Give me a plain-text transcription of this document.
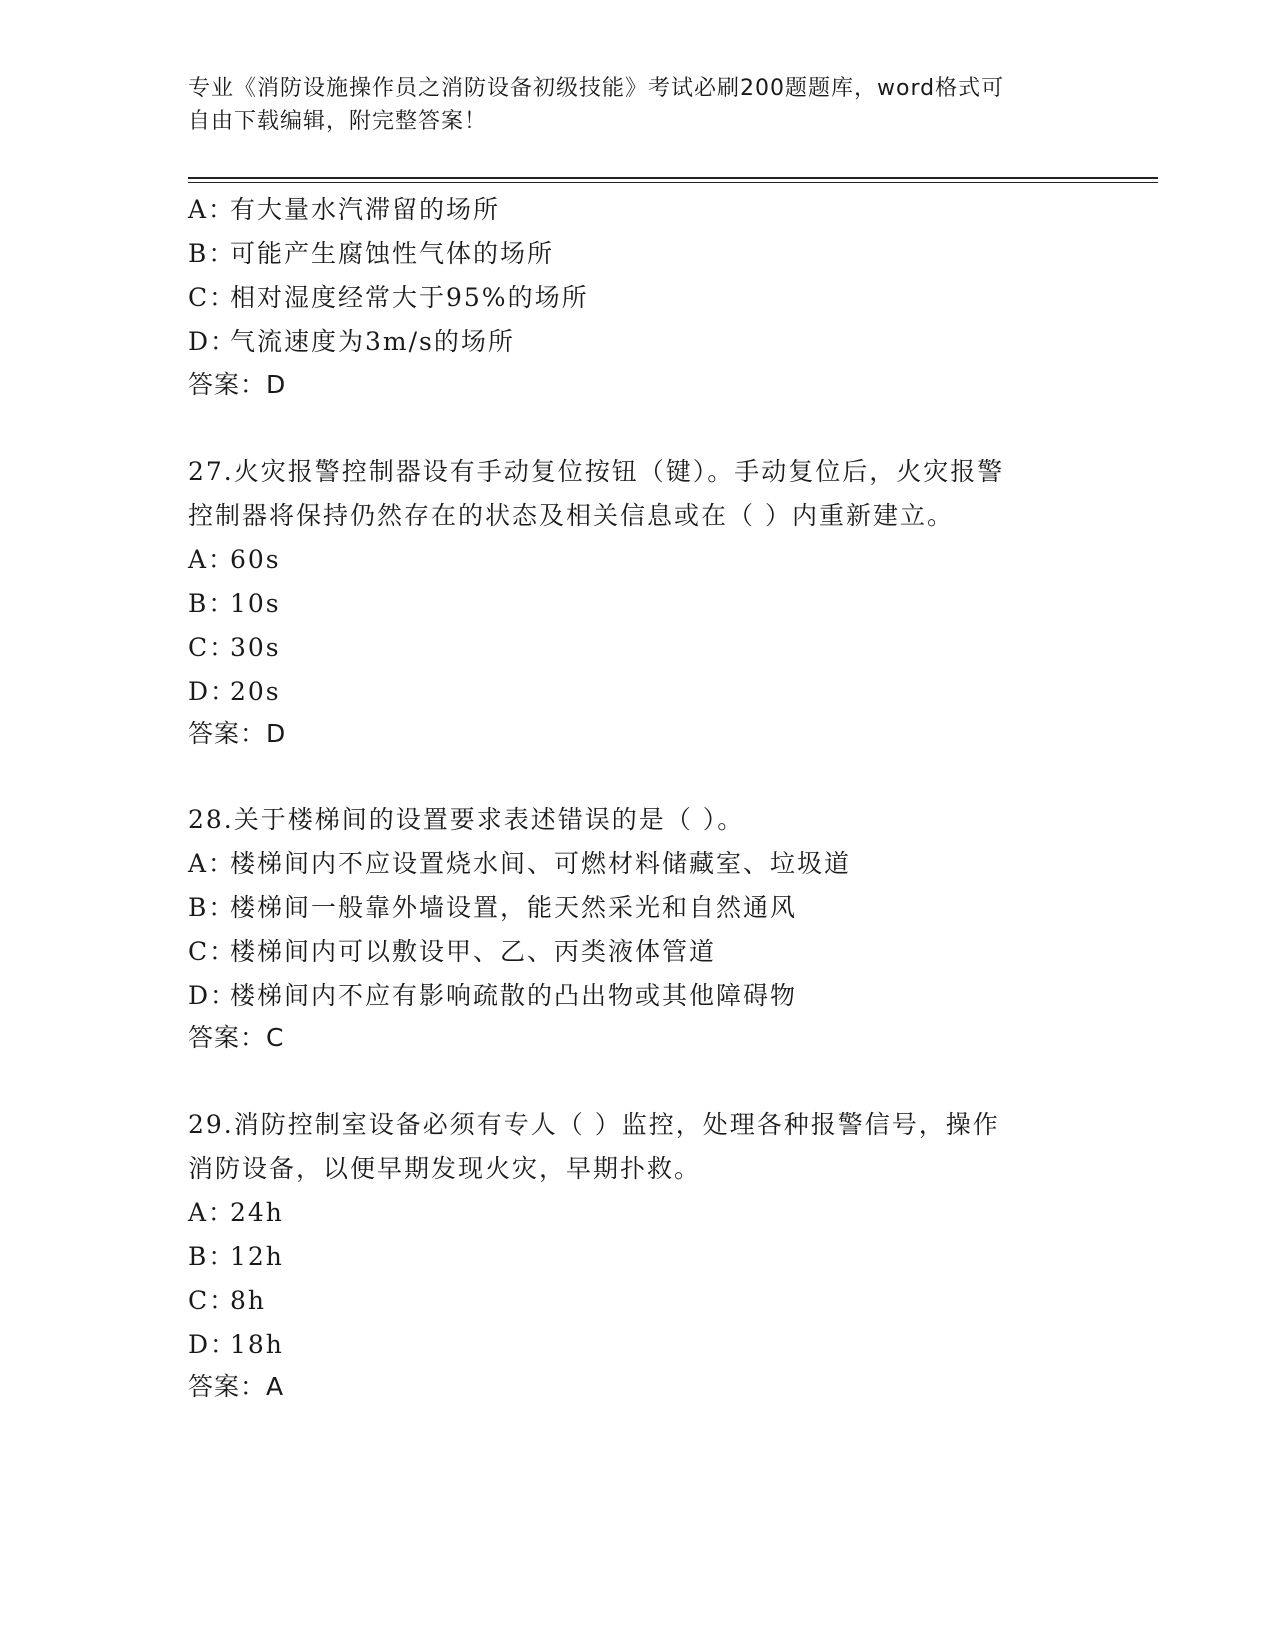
专业《消防设施操作员之消防设备初级技能》考试必刷200题题库，word格式可
自由下载编辑，附完整答案！
A：有大量水汽滞留的场所
B：可能产生腐蚀性气体的场所
C：相对湿度经常大于95%的场所
D：气流速度为3m/s的场所
答案：D
27.火灾报警控制器设有手动复位按钮（键）。手动复位后，火灾报警
控制器将保持仍然存在的状态及相关信息或在（ ）内重新建立。
A：60s
B：10s
C：30s
D：20s
答案：D
28.关于楼梯间的设置要求表述错误的是（ ）。
A：楼梯间内不应设置烧水间、可燃材料储藏室、垃圾道
B：楼梯间一般靠外墙设置，能天然采光和自然通风
C：楼梯间内可以敷设甲、乙、丙类液体管道
D：楼梯间内不应有影响疏散的凸出物或其他障碍物
答案：C
29.消防控制室设备必须有专人（ ）监控，处理各种报警信号，操作
消防设备，以便早期发现火灾，早期扑救。
A：24h
B：12h
C：8h
D：18h
答案：A
